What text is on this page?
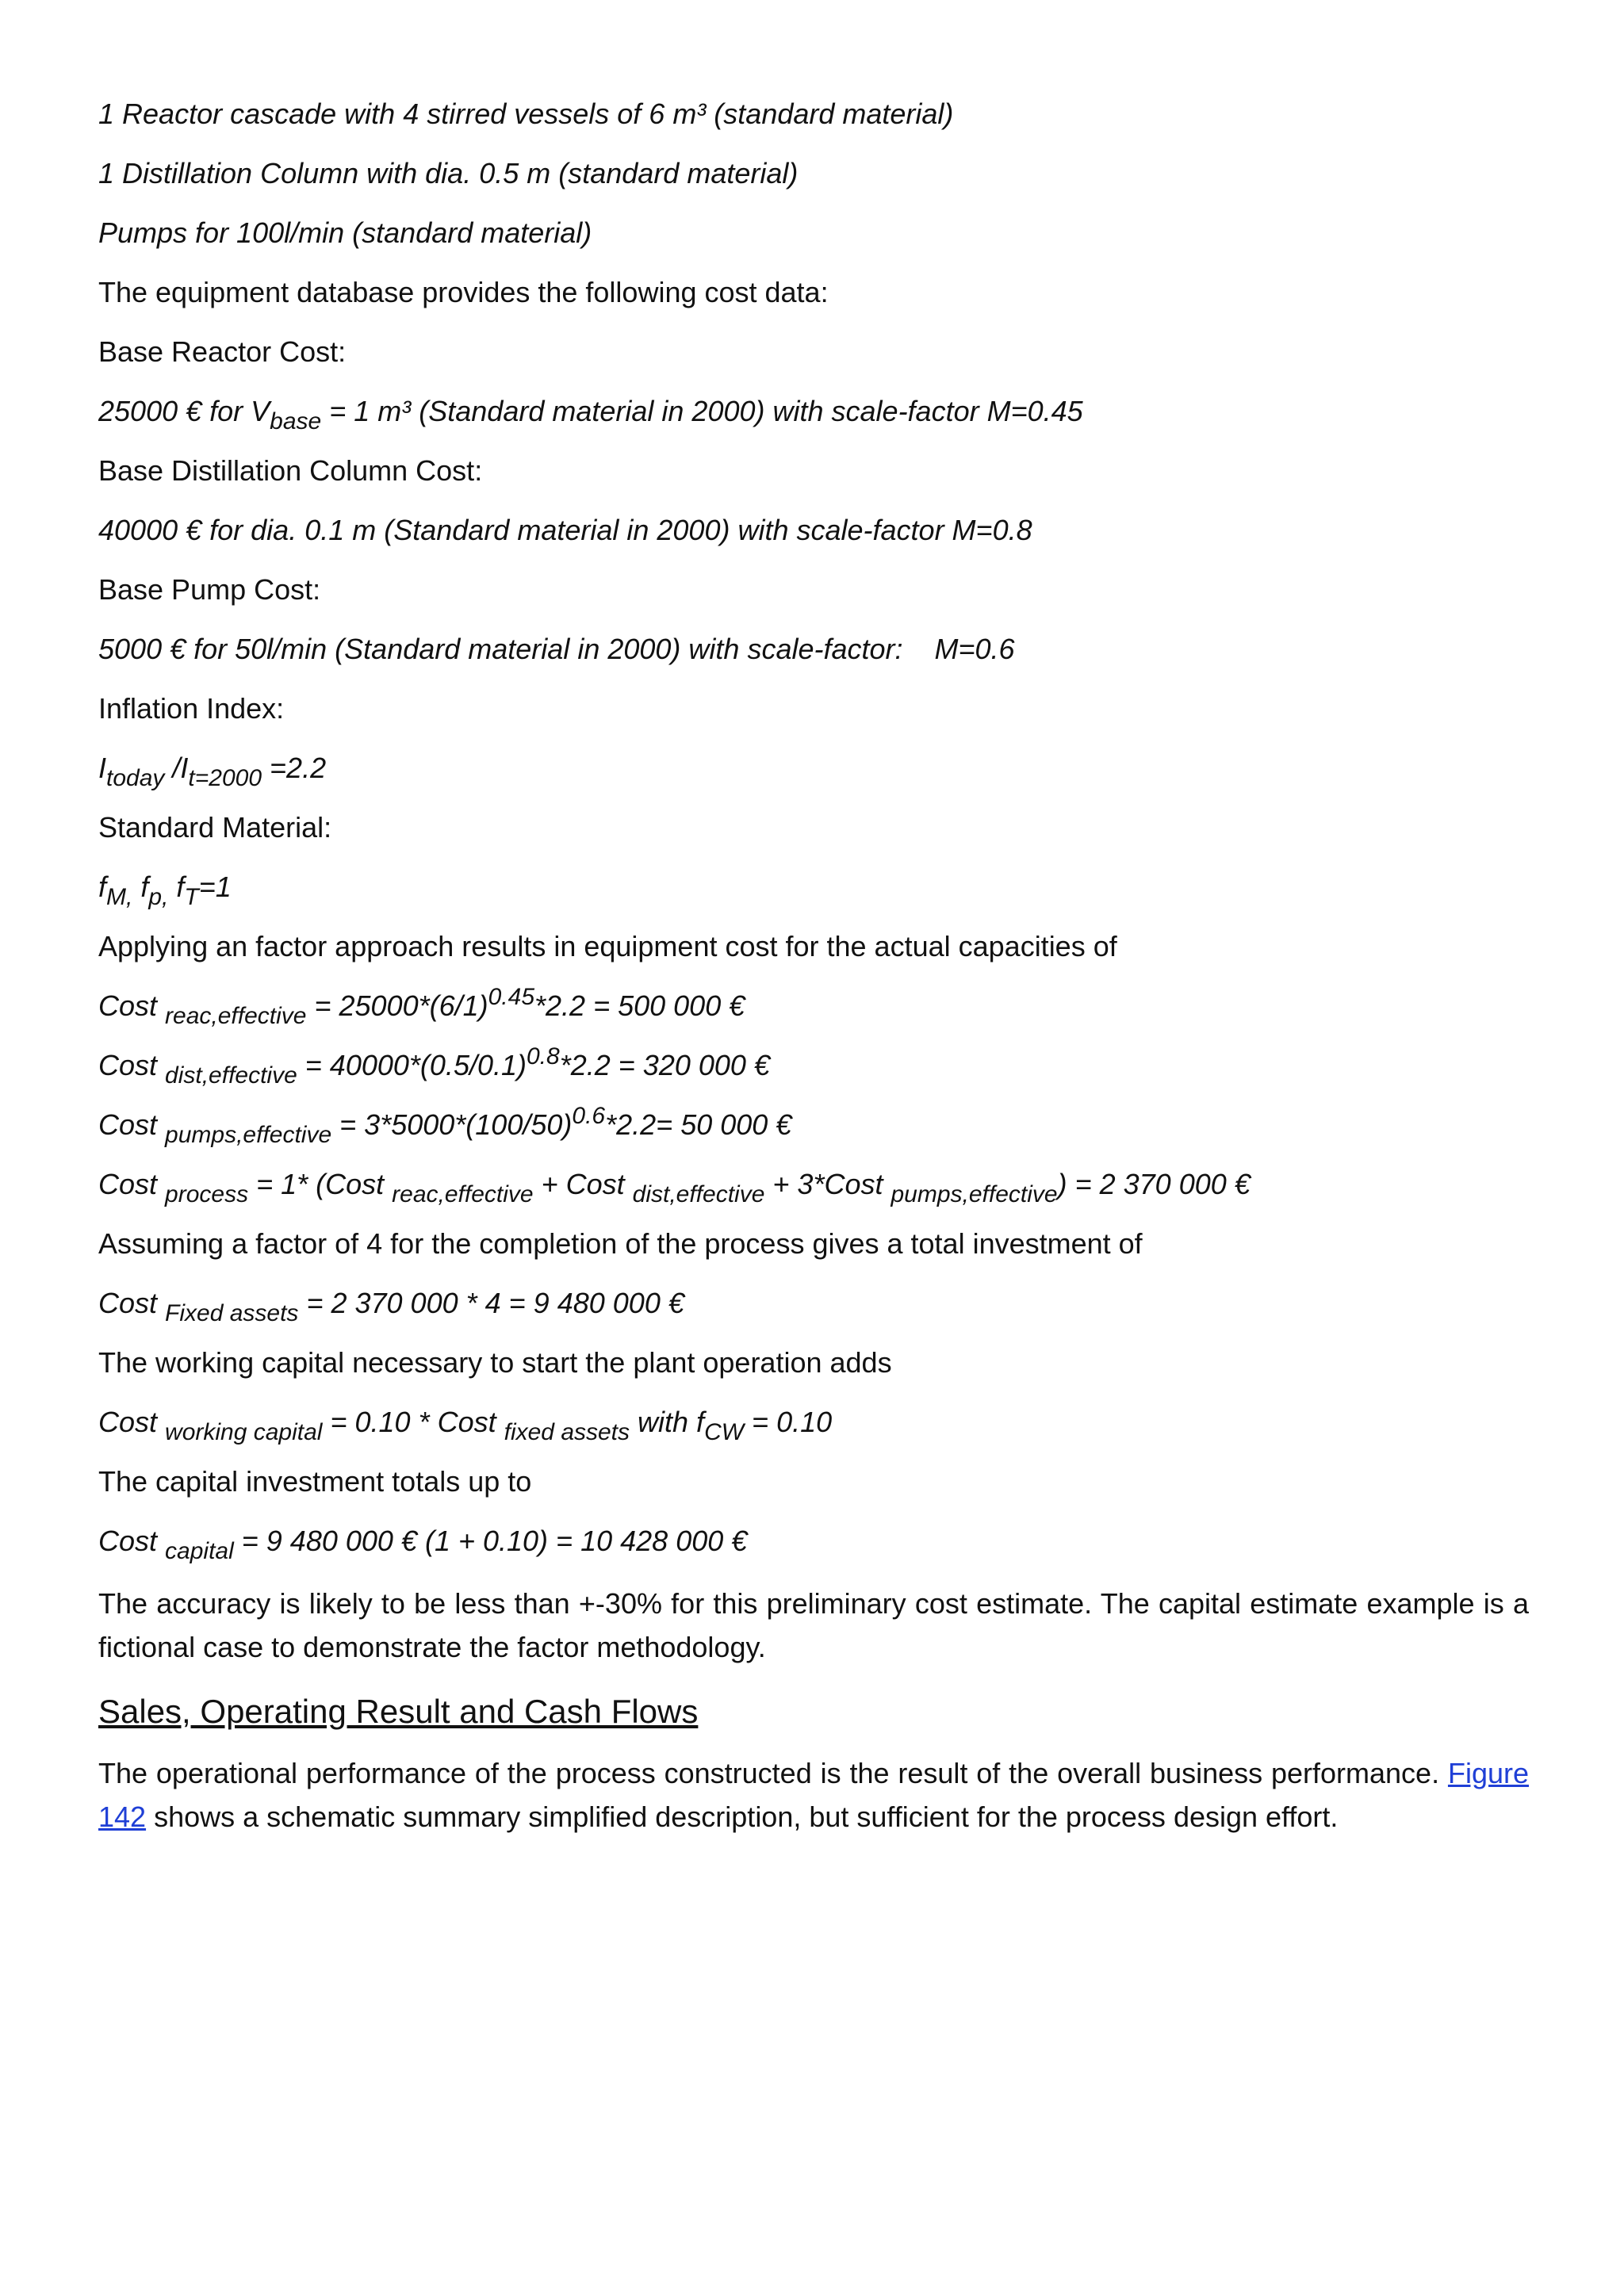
1 Reactor cascade with 4 stirred vessels of 6 m³ (standard material)
1 Distillation Column with dia. 0.5 m (standard material)
Pumps for 100l/min (standard material)
The equipment database provides the following cost data:
Base Reactor Cost:
25000 € for $V_{base} = 1$ m³ (Standard material in 2000) with scale-factor M=0.45
Base Distillation Column Cost:
40000 € for dia. 0.1 m (Standard material in 2000) with scale-factor M=0.8
Base Pump Cost:
5000 € for 50l/min (Standard material in 2000) with scale-factor: M=0.6
Inflation Index:
$I_{today}$ $/I_{t=2000} =2.2$
Standard Material:
$f_{M,}$ $f_{p,}$ $f_T=1$
Applying an factor approach results in equipment cost for the actual capacities of
Cost $_{reac,effective} = 25000*(6/1)^{0.45}*2.2 = 500$ 000 €
Cost $_{dist,effective} = 40000*(0.5/0.1)^{0.8}*2.2 = 320$ 000 €
Cost $_{pumps,effective} = 3*5000*(100/50)^{0.6}*2.2= 50$ 000 €
Cost $_{process}$ = 1* (Cost $_{reac,effective}$ + Cost $_{dist,effective}$ + 3*Cost $_{pumps,effective}$) = 2 370 000 €
Assuming a factor of 4 for the completion of the process gives a total investment of
Cost $_{Fixed assets}$ = 2 370 000 * 4 = 9 480 000 €
The working capital necessary to start the plant operation adds
Cost $_{working capital}$ = 0.10 * Cost $_{fixed assets}$ with $f_{CW} = 0.10$
The capital investment totals up to
Cost $_{capital}$ = 9 480 000 € (1 + 0.10) = 10 428 000 €
The accuracy is likely to be less than +-30% for this preliminary cost estimate. The capital estimate example is a fictional case to demonstrate the factor methodology.
Sales, Operating Result and Cash Flows
The operational performance of the process constructed is the result of the overall business performance. Figure 142 shows a schematic summary simplified description, but sufficient for the process design effort.
